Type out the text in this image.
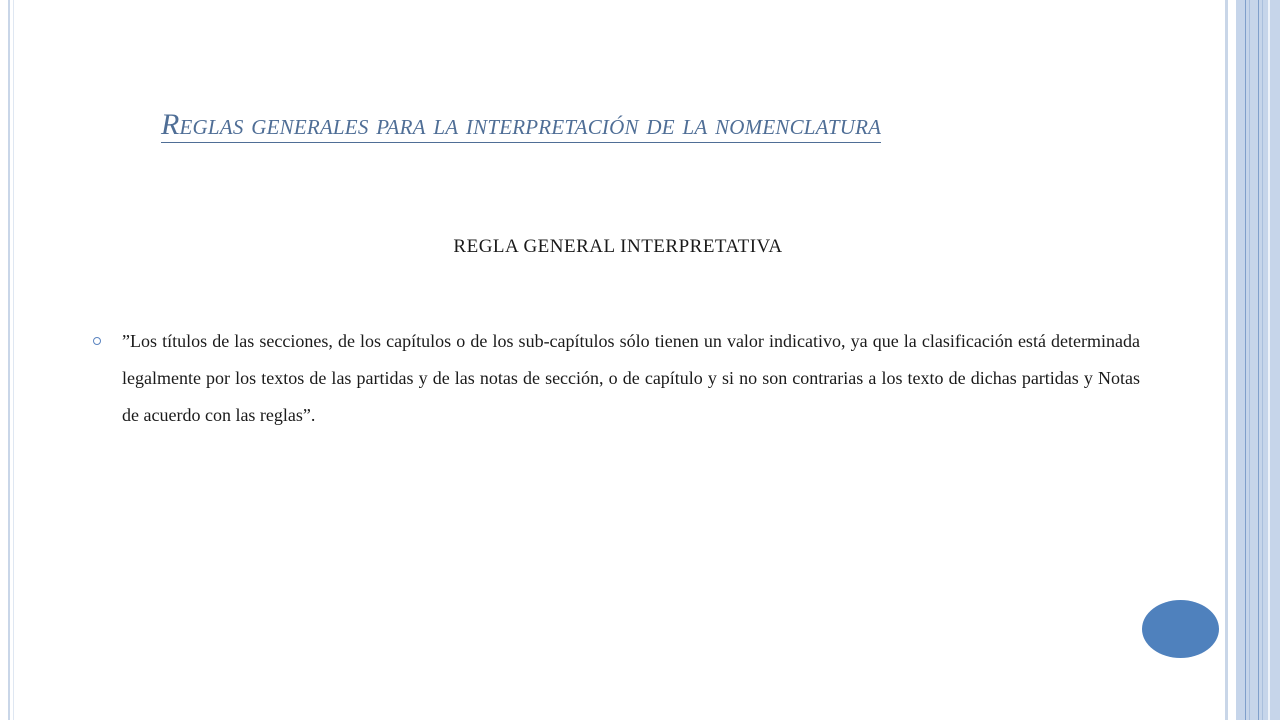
Reglas generales para la interpretación de la nomenclatura
REGLA GENERAL INTERPRETATIVA
”Los títulos de las secciones, de los capítulos o de los sub-capítulos sólo tienen un valor indicativo, ya que la clasificación está determinada legalmente por los textos de las partidas y de las notas de sección, o de capítulo y si no son contrarias a los texto de dichas partidas y Notas de acuerdo con las reglas”.
